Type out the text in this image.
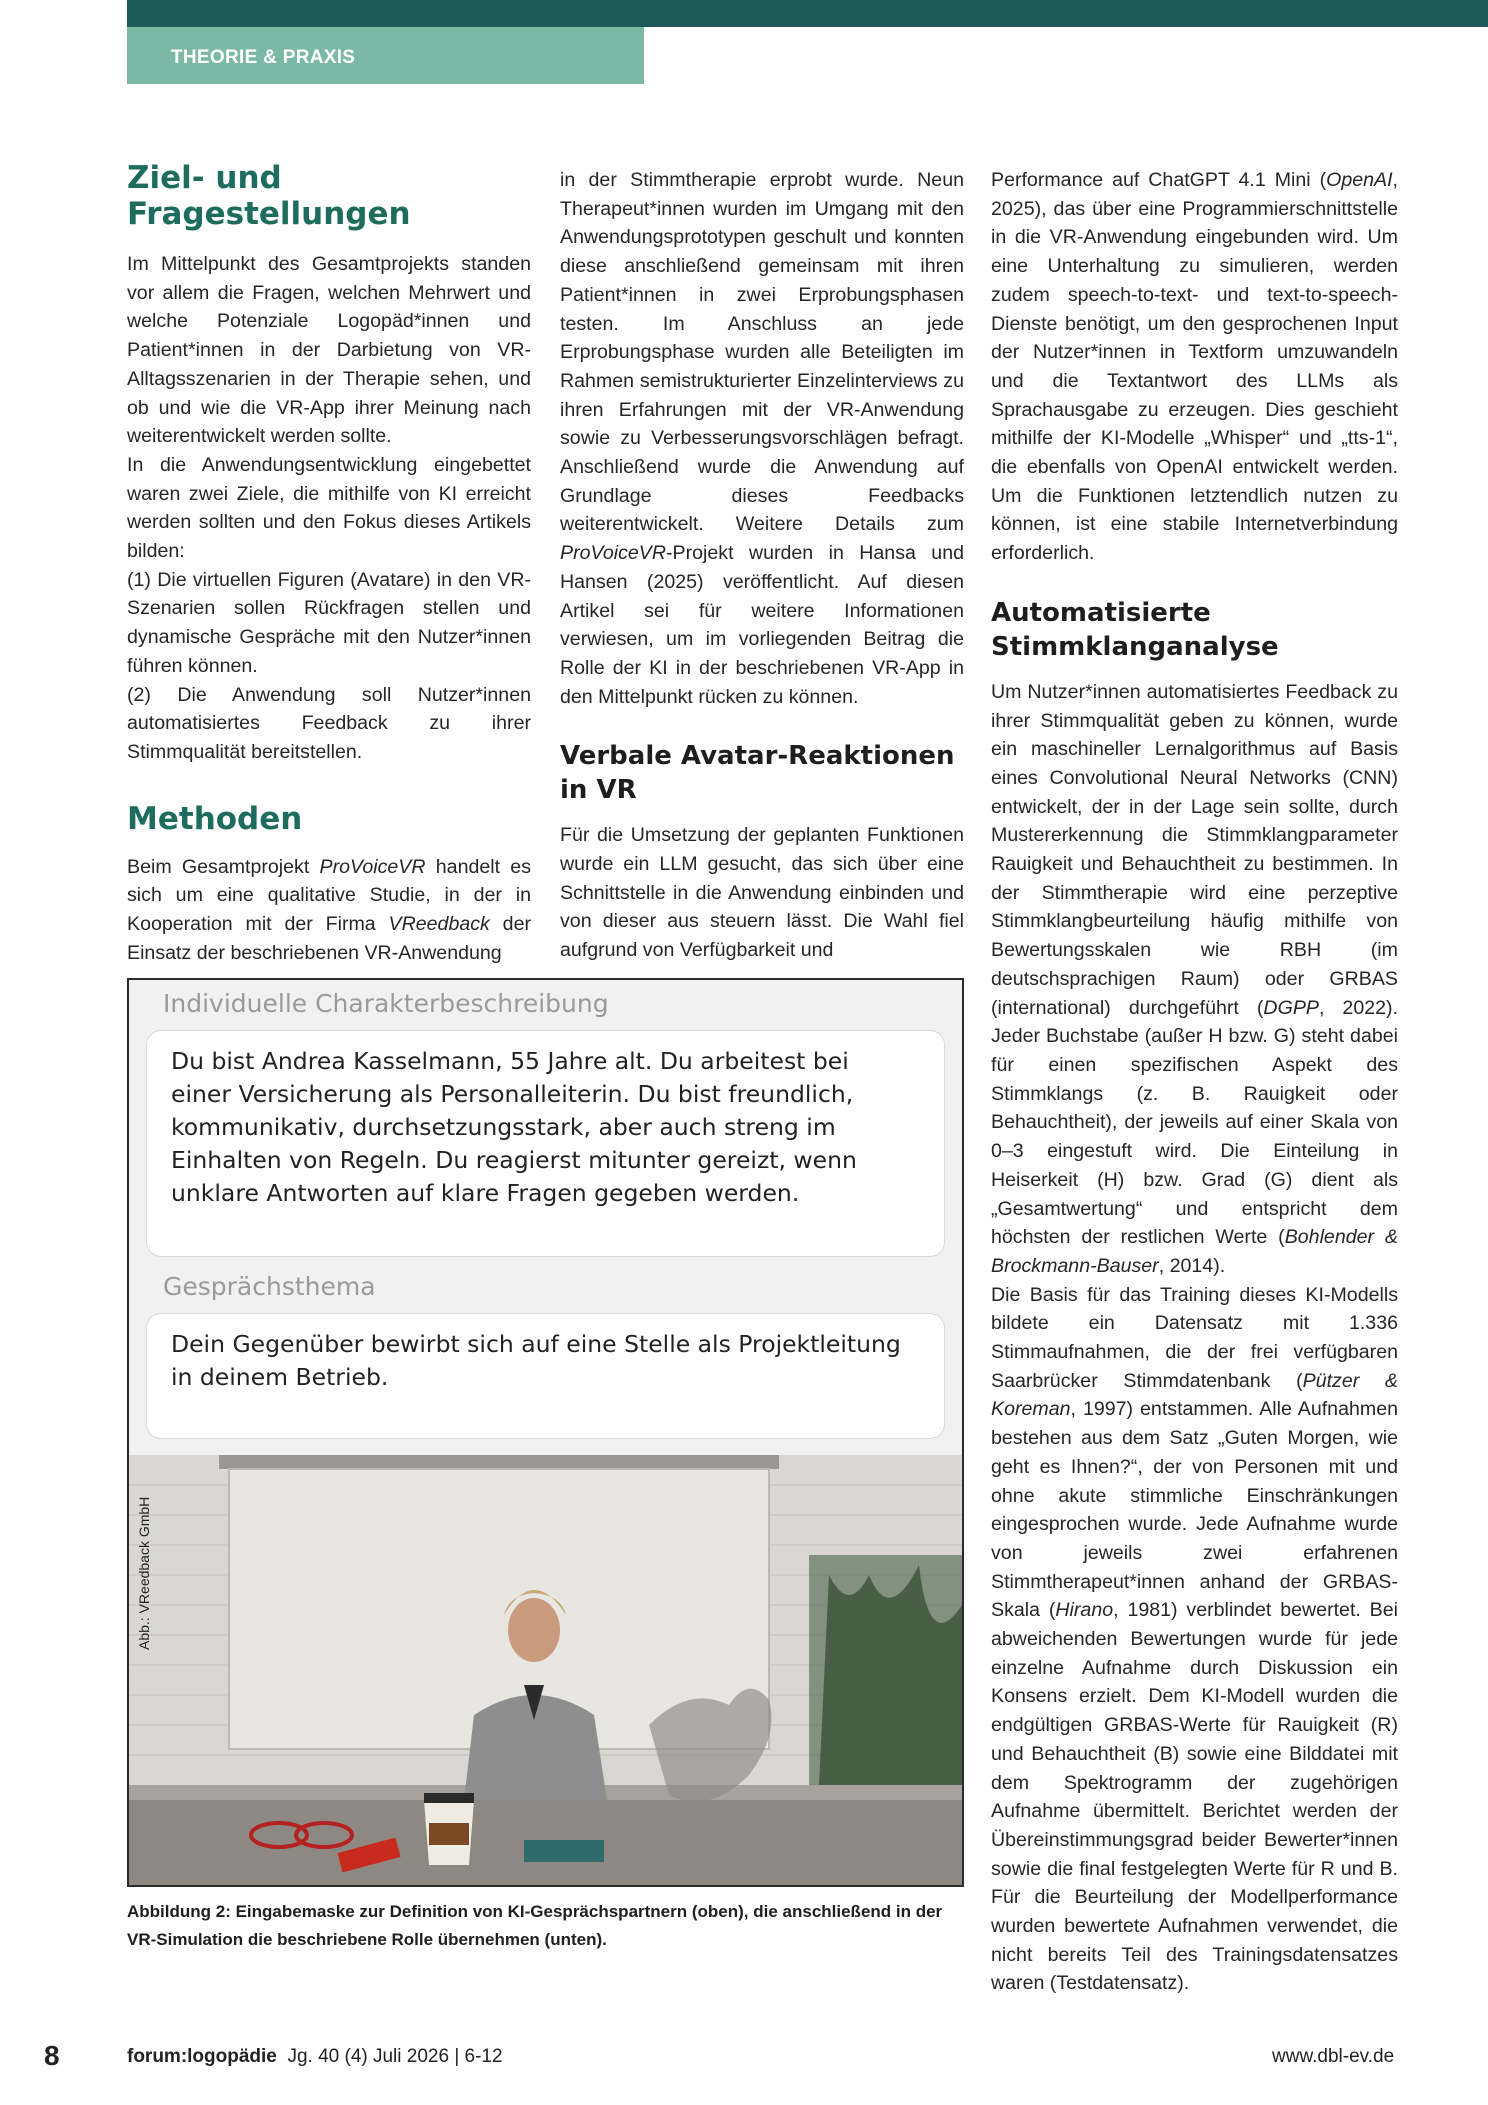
THEORIE & PRAXIS
Ziel- und Fragestellungen

Im Mittelpunkt des Gesamtprojekts standen vor allem die Fragen, welchen Mehrwert und welche Potenziale Logopäd*innen und Patient*innen in der Darbietung von VR-Alltagsszenarien in der Therapie sehen, und ob und wie die VR-App ihrer Meinung nach weiterentwickelt werden sollte.

In die Anwendungsentwicklung eingebettet waren zwei Ziele, die mithilfe von KI erreicht werden sollten und den Fokus dieses Artikels bilden:

(1) Die virtuellen Figuren (Avatare) in den VR-Szenarien sollen Rückfragen stellen und dynamische Gespräche mit den Nutzer*innen führen können.

(2) Die Anwendung soll Nutzer*innen automatisiertes Feedback zu ihrer Stimmqualität bereitstellen.

Methoden

Beim Gesamtprojekt ProVoiceVR handelt es sich um eine qualitative Studie, in der in Kooperation mit der Firma VReedback der Einsatz der beschriebenen VR-Anwendung

in der Stimmtherapie erprobt wurde. Neun Therapeut*innen wurden im Umgang mit den Anwendungsprototypen geschult und konnten diese anschließend gemeinsam mit ihren Patient*innen in zwei Erprobungsphasen testen. Im Anschluss an jede Erprobungsphase wurden alle Beteiligten im Rahmen semistrukturierter Einzelinterviews zu ihren Erfahrungen mit der VR-Anwendung sowie zu Verbesserungsvorschlägen befragt. Anschließend wurde die Anwendung auf Grundlage dieses Feedbacks weiterentwickelt. Weitere Details zum ProVoiceVR-Projekt wurden in Hansa und Hansen (2025) veröffentlicht. Auf diesen Artikel sei für weitere Informationen verwiesen, um im vorliegenden Beitrag die Rolle der KI in der beschriebenen VR-App in den Mittelpunkt rücken zu können.

Verbale Avatar-Reaktionen in VR

Für die Umsetzung der geplanten Funktionen wurde ein LLM gesucht, das sich über eine Schnittstelle in die Anwendung einbinden und von dieser aus steuern lässt. Die Wahl fiel aufgrund von Verfügbarkeit und

Performance auf ChatGPT 4.1 Mini (OpenAI, 2025), das über eine Programmierschnittstelle in die VR-Anwendung eingebunden wird. Um eine Unterhaltung zu simulieren, werden zudem speech-to-text- und text-to-speech-Dienste benötigt, um den gesprochenen Input der Nutzer*innen in Textform umzuwandeln und die Textantwort des LLMs als Sprachausgabe zu erzeugen. Dies geschieht mithilfe der KI-Modelle „Whisper“ und „tts-1“, die ebenfalls von OpenAI entwickelt werden. Um die Funktionen letztendlich nutzen zu können, ist eine stabile Internetverbindung erforderlich.

Automatisierte Stimmklanganalyse

Um Nutzer*innen automatisiertes Feedback zu ihrer Stimmqualität geben zu können, wurde ein maschineller Lernalgorithmus auf Basis eines Convolutional Neural Networks (CNN) entwickelt, der in der Lage sein sollte, durch Mustererkennung die Stimmklangparameter Rauigkeit und Behauchtheit zu bestimmen. In der Stimmtherapie wird eine perzeptive Stimmklangbeurteilung häufig mithilfe von Bewertungsskalen wie RBH (im deutschsprachigen Raum) oder GRBAS (international) durchgeführt (DGPP, 2022). Jeder Buchstabe (außer H bzw. G) steht dabei für einen spezifischen Aspekt des Stimmklangs (z. B. Rauigkeit oder Behauchtheit), der jeweils auf einer Skala von 0–3 eingestuft wird. Die Einteilung in Heiserkeit (H) bzw. Grad (G) dient als „Gesamtwertung“ und entspricht dem höchsten der restlichen Werte (Bohlender & Brockmann-Bauser, 2014).

Die Basis für das Training dieses KI-Modells bildete ein Datensatz mit 1.336 Stimmaufnahmen, die der frei verfügbaren Saarbrücker Stimmdatenbank (Pützer & Koreman, 1997) entstammen. Alle Aufnahmen bestehen aus dem Satz „Guten Morgen, wie geht es Ihnen?“, der von Personen mit und ohne akute stimmliche Einschränkungen eingesprochen wurde. Jede Aufnahme wurde von jeweils zwei erfahrenen Stimmtherapeut*innen anhand der GRBAS-Skala (Hirano, 1981) verblindet bewertet. Bei abweichenden Bewertungen wurde für jede einzelne Aufnahme durch Diskussion ein Konsens erzielt. Dem KI-Modell wurden die endgültigen GRBAS-Werte für Rauigkeit (R) und Behauchtheit (B) sowie eine Bilddatei mit dem Spektrogramm der zugehörigen Aufnahme übermittelt. Berichtet werden der Übereinstimmungsgrad beider Bewerter*innen sowie die final festgelegten Werte für R und B. Für die Beurteilung der Modellperformance wurden bewertete Aufnahmen verwendet, die nicht bereits Teil des Trainingsdatensatzes waren (Testdatensatz).

Individuelle Charakterbeschreibung
Du bist Andrea Kasselmann, 55 Jahre alt. Du arbeitest bei einer Versicherung als Personalleiterin. Du bist freundlich, kommunikativ, durchsetzungsstark, aber auch streng im Einhalten von Regeln. Du reagierst mitunter gereizt, wenn unklare Antworten auf klare Fragen gegeben werden.
Gesprächsthema
Dein Gegenüber bewirbt sich auf eine Stelle als Projektleitung in deinem Betrieb.
Abb.: VReedback GmbH
Abbildung 2: Eingabemaske zur Definition von KI-Gesprächspartnern (oben), die anschließend in der VR-Simulation die beschriebene Rolle übernehmen (unten).
8	forum:logopädie Jg. 40 (4) Juli 2026 | 6-12	www.dbl-ev.de
